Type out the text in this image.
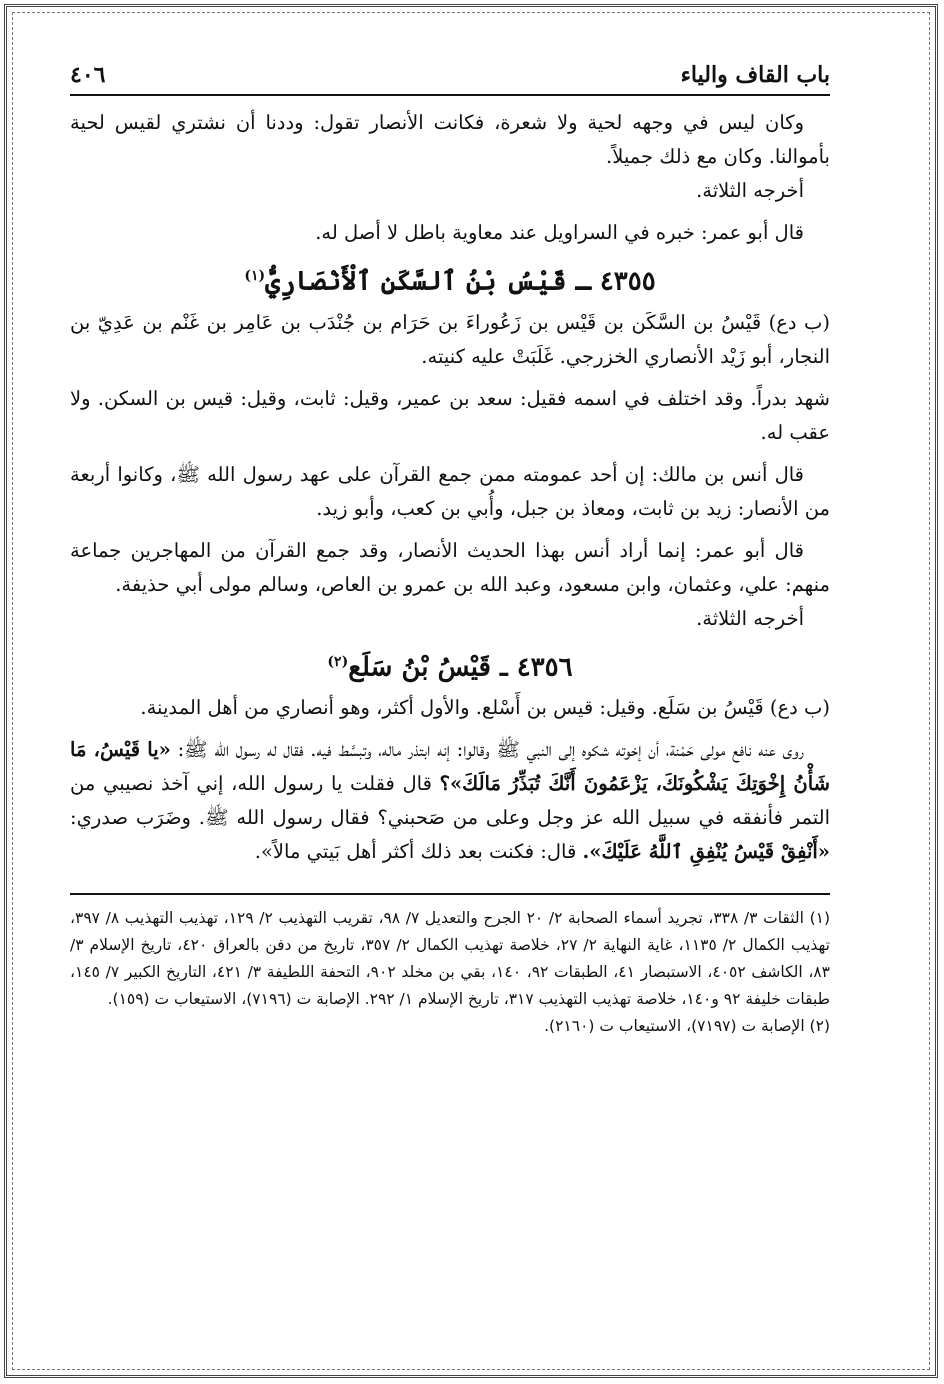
باب القاف والياء
٤٠٦

وكان ليس في وجهه لحية ولا شعرة، فكانت الأنصار تقول: وددنا أن نشتري لقيس لحية بأموالنا. وكان مع ذلك جميلاً.

أخرجه الثلاثة.

قال أبو عمر: خبره في السراويل عند معاوية باطل لا أصل له.

٤٣٥٥ ـ قَيْسُ بْنُ ٱلسَّكَنِ ٱلْأَنْصَارِيُّ$^{(١)}$

(ب دع) قَيْسُ بن السَّكَن بن قَيْس بن زَعُوراءَ بن حَرَام بن جُنْدَب بن عَامِر بن غَنْم بن عَدِيّ بن النجار، أبو زَيْد الأنصاري الخزرجي. غَلَبَتْ عليه كنيته.

شهد بدراً. وقد اختلف في اسمه فقيل: سعد بن عمير، وقيل: ثابت، وقيل: قيس بن السكن. ولا عقب له.

قال أنس بن مالك: إن أحد عمومته ممن جمع القرآن على عهد رسول الله ﷺ، وكانوا أربعة من الأنصار: زيد بن ثابت، ومعاذ بن جبل، وأُبي بن كعب، وأبو زيد.

قال أبو عمر: إنما أراد أنس بهذا الحديث الأنصار، وقد جمع القرآن من المهاجرين جماعة منهم: علي، وعثمان، وابن مسعود، وعبد الله بن عمرو بن العاص، وسالم مولى أبي حذيفة.

أخرجه الثلاثة.

٤٣٥٦ ـ قَيْسُ بْنُ سَلَع$^{(٢)}$

(ب دع) قَيْسُ بن سَلَع. وقيل: قيس بن أَسْلع. والأول أكثر، وهو أنصاري من أهل المدينة.

روى عنه نافع مولى حَمْنة، أن إخوته شكوه إلى النبي ﷺ وقالوا: إنه ابتذر ماله، وتبسَّط فيه. فقال له رسول الله ﷺ: «يا قَيْسُ، مَا شَأْنُ إِخْوَتِكَ يَشْكُونَكَ، يَزْعَمُونَ أَنَّكَ تُبَذِّرُ مَالَكَ»؟ قال فقلت يا رسول الله، إني آخذ نصيبي من التمر فأنفقه في سبيل الله عز وجل وعلى من صَحبني؟ فقال رسول الله ﷺ. وضَرَب صدري: «أَنْفِقْ قَيْسُ يُنْفِقِ ٱللَّهُ عَلَيْكَ». قال: فكنت بعد ذلك أكثر أهل بَيتي مالاً».

(١) الثقات ٣/ ٣٣٨، تجريد أسماء الصحابة ٢/ ٢٠ الجرح والتعديل ٧/ ٩٨، تقريب التهذيب ٢/ ١٢٩، تهذيب التهذيب ٨/ ٣٩٧، تهذيب الكمال ٢/ ١١٣٥، غاية النهاية ٢/ ٢٧، خلاصة تهذيب الكمال ٢/ ٣٥٧، تاريخ من دفن بالعراق ٤٢٠، تاريخ الإسلام ٣/ ٨٣، الكاشف ٤٠٥٢، الاستبصار ٤١، الطبقات ٩٢، ١٤٠، بقي بن مخلد ٩٠٢، التحفة اللطيفة ٣/ ٤٢١، التاريخ الكبير ٧/ ١٤٥، طبقات خليفة ٩٢ و١٤٠، خلاصة تهذيب التهذيب ٣١٧، تاريخ الإسلام ١/ ٢٩٢. الإصابة ت (٧١٩٦)، الاستيعاب ت (١٥٩).

(٢) الإصابة ت (٧١٩٧)، الاستيعاب ت (٢١٦٠).
